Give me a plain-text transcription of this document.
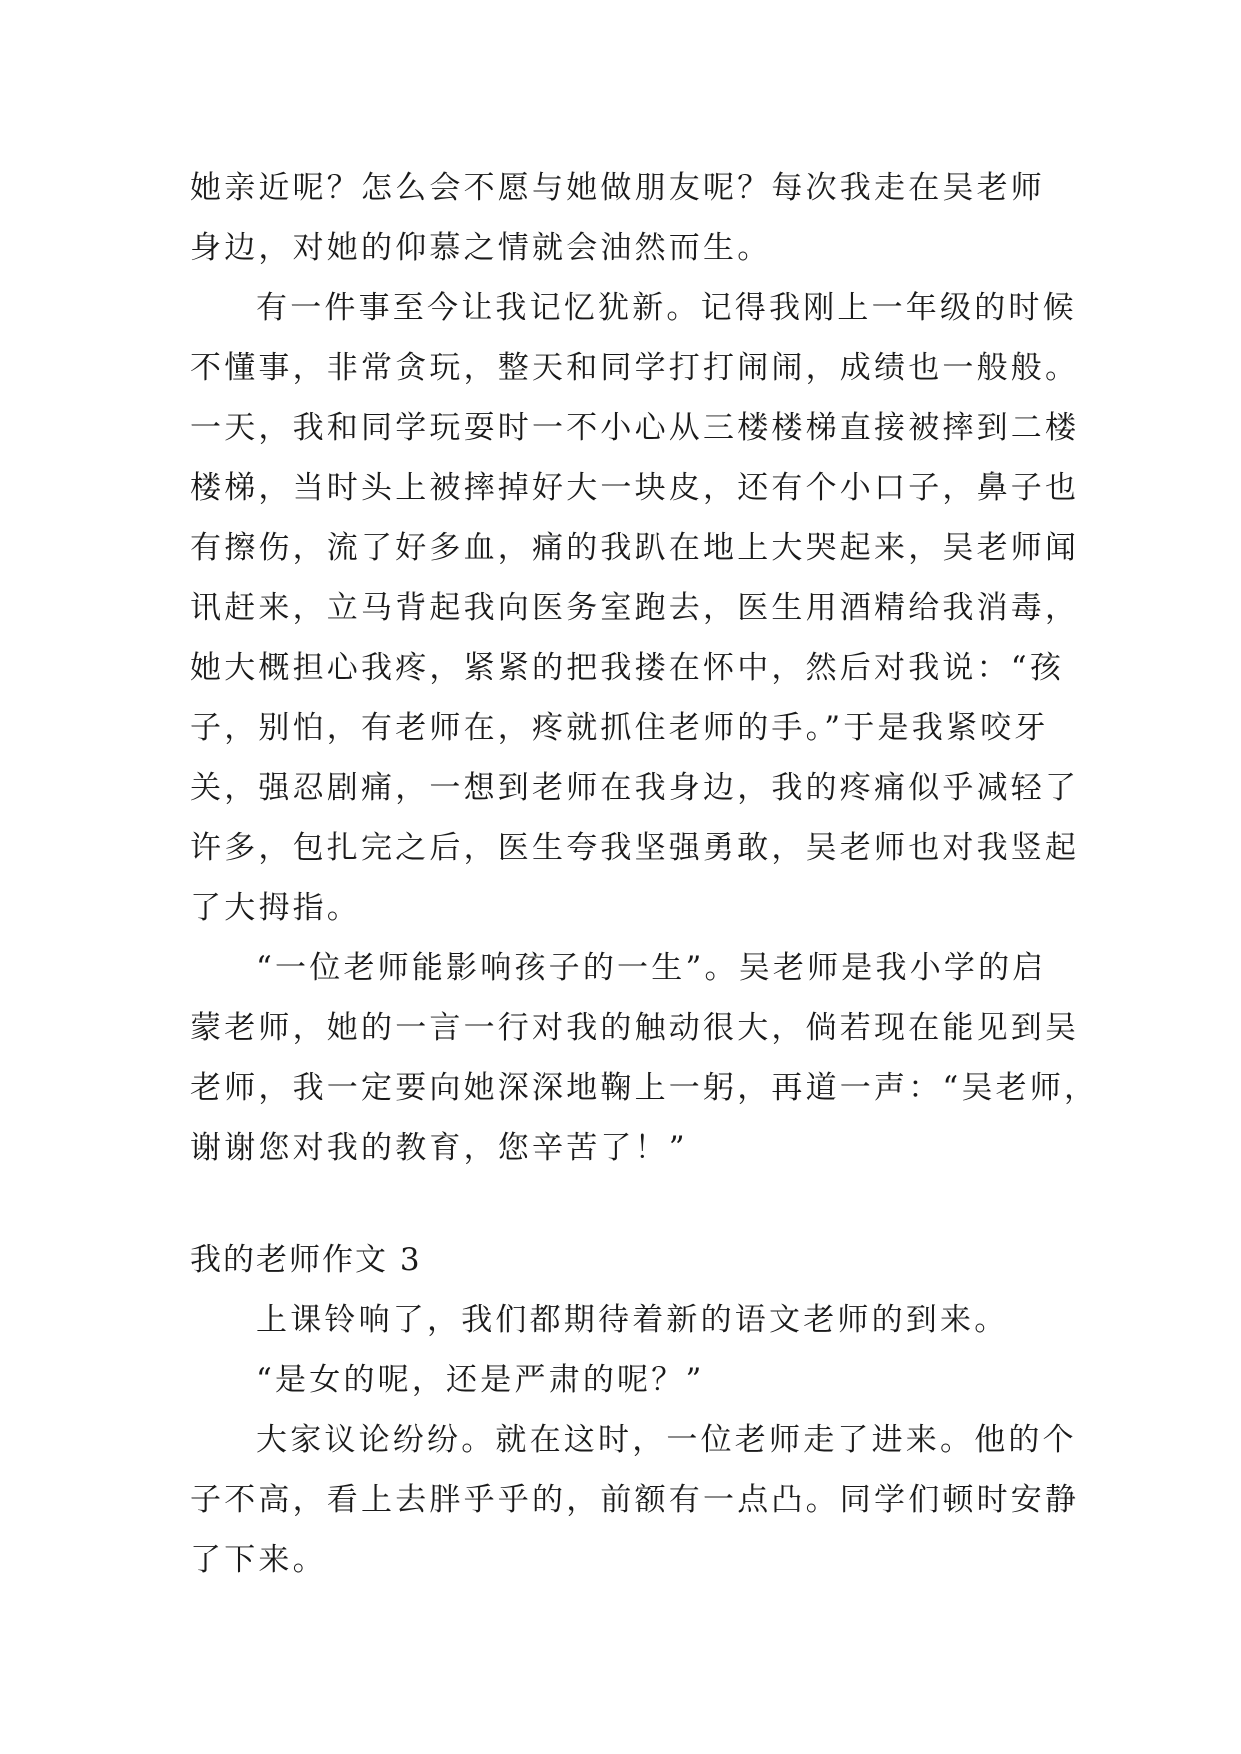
她亲近呢？怎么会不愿与她做朋友呢？每次我走在吴老师
身边，对她的仰慕之情就会油然而生。
有一件事至今让我记忆犹新。记得我刚上一年级的时候
不懂事，非常贪玩，整天和同学打打闹闹，成绩也一般般。
一天，我和同学玩耍时一不小心从三楼楼梯直接被摔到二楼
楼梯，当时头上被摔掉好大一块皮，还有个小口子，鼻子也
有擦伤，流了好多血，痛的我趴在地上大哭起来，吴老师闻
讯赶来，立马背起我向医务室跑去，医生用酒精给我消毒，
她大概担心我疼，紧紧的把我搂在怀中，然后对我说：“孩
子，别怕，有老师在，疼就抓住老师的手。”于是我紧咬牙
关，强忍剧痛，一想到老师在我身边，我的疼痛似乎减轻了
许多，包扎完之后，医生夸我坚强勇敢，吴老师也对我竖起
了大拇指。
“一位老师能影响孩子的一生”。吴老师是我小学的启
蒙老师，她的一言一行对我的触动很大，倘若现在能见到吴
老师，我一定要向她深深地鞠上一躬，再道一声：“吴老师，
谢谢您对我的教育，您辛苦了！”
我的老师作文 3
上课铃响了，我们都期待着新的语文老师的到来。
“是女的呢，还是严肃的呢？”
大家议论纷纷。就在这时，一位老师走了进来。他的个
子不高，看上去胖乎乎的，前额有一点凸。同学们顿时安静
了下来。
